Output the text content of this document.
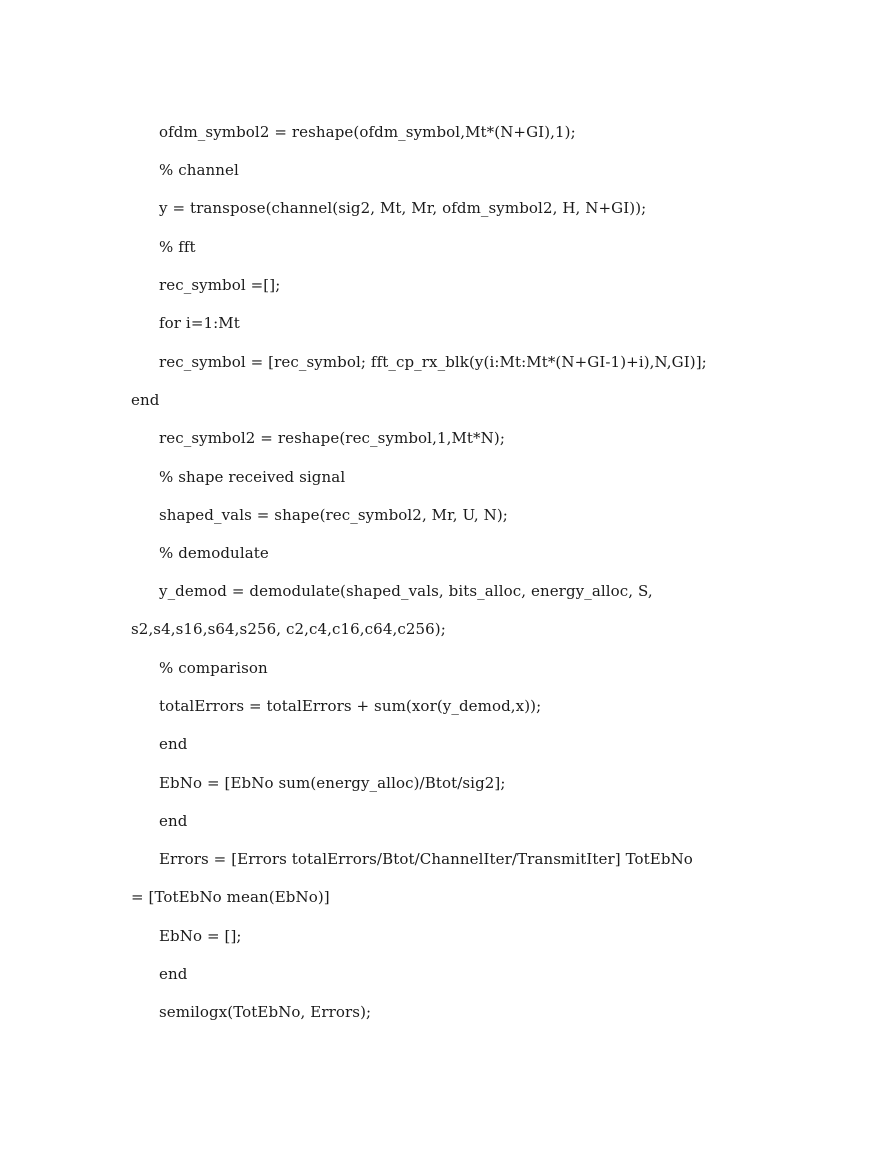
ofdm_symbol2 = reshape(ofdm_symbol,Mt*(N+GI),1);
% channel
y = transpose(channel(sig2, Mt, Mr, ofdm_symbol2, H, N+GI));
% fft
rec_symbol =[];
for i=1:Mt
rec_symbol = [rec_symbol; fft_cp_rx_blk(y(i:Mt:Mt*(N+GI-1)+i),N,GI)];
end
rec_symbol2 = reshape(rec_symbol,1,Mt*N);
% shape received signal
shaped_vals = shape(rec_symbol2, Mr, U, N);
% demodulate
y_demod = demodulate(shaped_vals, bits_alloc, energy_alloc, S,
s2,s4,s16,s64,s256, c2,c4,c16,c64,c256);
% comparison
totalErrors = totalErrors + sum(xor(y_demod,x));
end
EbNo = [EbNo sum(energy_alloc)/Btot/sig2];
end
Errors = [Errors totalErrors/Btot/ChannelIter/TransmitIter] TotEbNo
= [TotEbNo mean(EbNo)]
EbNo = [];
end
semilogx(TotEbNo, Errors);
